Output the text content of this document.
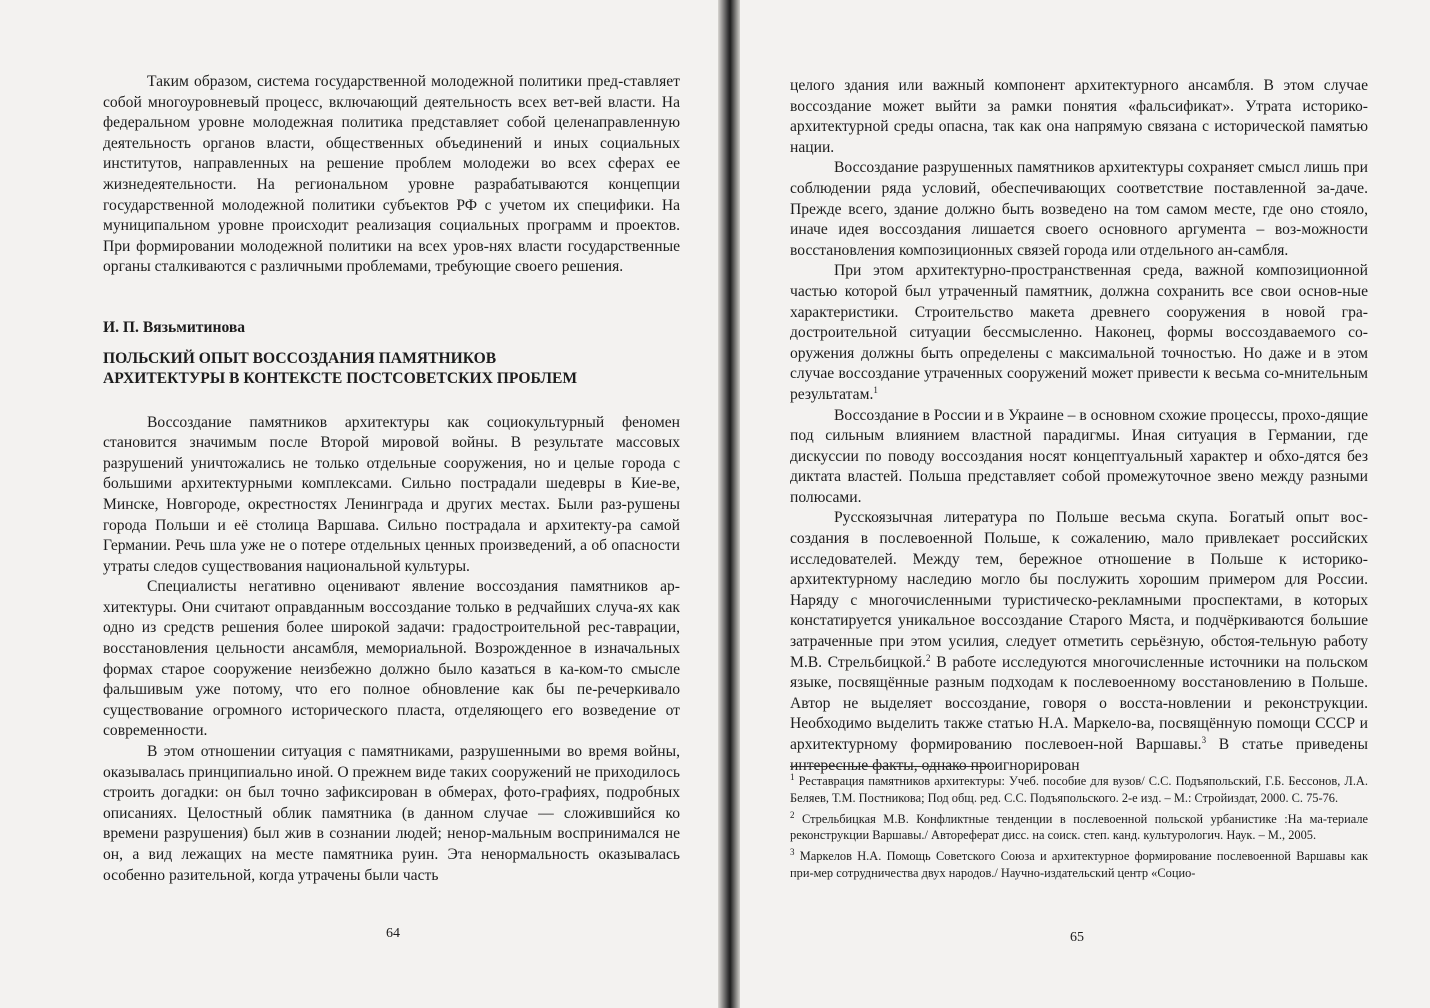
Таким образом, система государственной молодежной политики пред-ставляет собой многоуровневый процесс, включающий деятельность всех вет-вей власти. На федеральном уровне молодежная политика представляет собой целенаправленную деятельность органов власти, общественных объединений и иных социальных институтов, направленных на решение проблем молодежи во всех сферах ее жизнедеятельности. На региональном уровне разрабатываются концепции государственной молодежной политики субъектов РФ с учетом их специфики. На муниципальном уровне происходит реализация социальных программ и проектов. При формировании молодежной политики на всех уров-нях власти государственные органы сталкиваются с различными проблемами, требующие своего решения.

И. П. Вязьмитинова

ПОЛЬСКИЙ ОПЫТ ВОССОЗДАНИЯ ПАМЯТНИКОВ
АРХИТЕКТУРЫ В КОНТЕКСТЕ ПОСТСОВЕТСКИХ ПРОБЛЕМ

Воссоздание памятников архитектуры как социокультурный феномен становится значимым после Второй мировой войны. В результате массовых разрушений уничтожались не только отдельные сооружения, но и целые города с большими архитектурными комплексами. Сильно пострадали шедевры в Кие-ве, Минске, Новгороде, окрестностях Ленинграда и других местах. Были раз-рушены города Польши и её столица Варшава. Сильно пострадала и архитекту-ра самой Германии. Речь шла уже не о потере отдельных ценных произведений, а об опасности утраты следов существования национальной культуры.

Специалисты негативно оценивают явление воссоздания памятников ар-хитектуры. Они считают оправданным воссоздание только в редчайших случа-ях как одно из средств решения более широкой задачи: градостроительной рес-таврации, восстановления цельности ансамбля, мемориальной. Возрожденное в изначальных формах старое сооружение неизбежно должно было казаться в ка-ком-то смысле фальшивым уже потому, что его полное обновление как бы пе-речеркивало существование огромного исторического пласта, отделяющего его возведение от современности.

В этом отношении ситуация с памятниками, разрушенными во время войны, оказывалась принципиально иной. О прежнем виде таких сооружений не приходилось строить догадки: он был точно зафиксирован в обмерах, фото-графиях, подробных описаниях. Целостный облик памятника (в данном случае — сложившийся ко времени разрушения) был жив в сознании людей; ненор-мальным воспринимался не он, а вид лежащих на месте памятника руин. Эта ненормальность оказывалась особенно разительной, когда утрачены были часть

64

целого здания или важный компонент архитектурного ансамбля. В этом случае воссоздание может выйти за рамки понятия «фальсификат». Утрата историко-архитектурной среды опасна, так как она напрямую связана с исторической памятью нации.

Воссоздание разрушенных памятников архитектуры сохраняет смысл лишь при соблюдении ряда условий, обеспечивающих соответствие поставленной за-даче. Прежде всего, здание должно быть возведено на том самом месте, где оно стояло, иначе идея воссоздания лишается своего основного аргумента – воз-можности восстановления композиционных связей города или отдельного ан-самбля.

При этом архитектурно-пространственная среда, важной композиционной частью которой был утраченный памятник, должна сохранить все свои основ-ные характеристики. Строительство макета древнего сооружения в новой гра-достроительной ситуации бессмысленно. Наконец, формы воссоздаваемого со-оружения должны быть определены с максимальной точностью. Но даже и в этом случае воссоздание утраченных сооружений может привести к весьма со-мнительным результатам.$^1$

Воссоздание в России и в Украине – в основном схожие процессы, прохо-дящие под сильным влиянием властной парадигмы. Иная ситуация в Германии, где дискуссии по поводу воссоздания носят концептуальный характер и обхо-дятся без диктата властей. Польша представляет собой промежуточное звено между разными полюсами.

Русскоязычная литература по Польше весьма скупа. Богатый опыт вос-создания в послевоенной Польше, к сожалению, мало привлекает российских исследователей. Между тем, бережное отношение в Польше к историко-архитектурному наследию могло бы послужить хорошим примером для России. Наряду с многочисленными туристическо-рекламными проспектами, в которых констатируется уникальное воссоздание Старого Мяста, и подчёркиваются большие затраченные при этом усилия, следует отметить серьёзную, обстоя-тельную работу М.В. Стрельбицкой.$^2$ В работе исследуются многочисленные источники на польском языке, посвящённые разным подходам к послевоенному восстановлению в Польше. Автор не выделяет воссоздание, говоря о восста-новлении и реконструкции. Необходимо выделить также статью Н.А. Маркело-ва, посвящённую помощи СССР и архитектурному формированию послевоен-ной Варшавы.$^3$ В статье приведены интересные факты, однако проигнорирован

$^1$ Реставрация памятников архитектуры: Учеб. пособие для вузов/ С.С. Подъяпольский, Г.Б. Бессонов, Л.А. Беляев, Т.М. Постникова; Под общ. ред. С.С. Подъяпольского. 2-е изд. – М.: Стройиздат, 2000. С. 75-76.
$^2$ Стрельбицкая М.В. Конфликтные тенденции в послевоенной польской урбанистике :На ма-териале реконструкции Варшавы./ Автореферат дисс. на соиск. степ. канд. культурологич. Наук. – М., 2005.
$^3$ Маркелов Н.А. Помощь Советского Союза и архитектурное формирование послевоенной Варшавы как при-мер сотрудничества двух народов./ Научно-издательский центр «Социо-
65
